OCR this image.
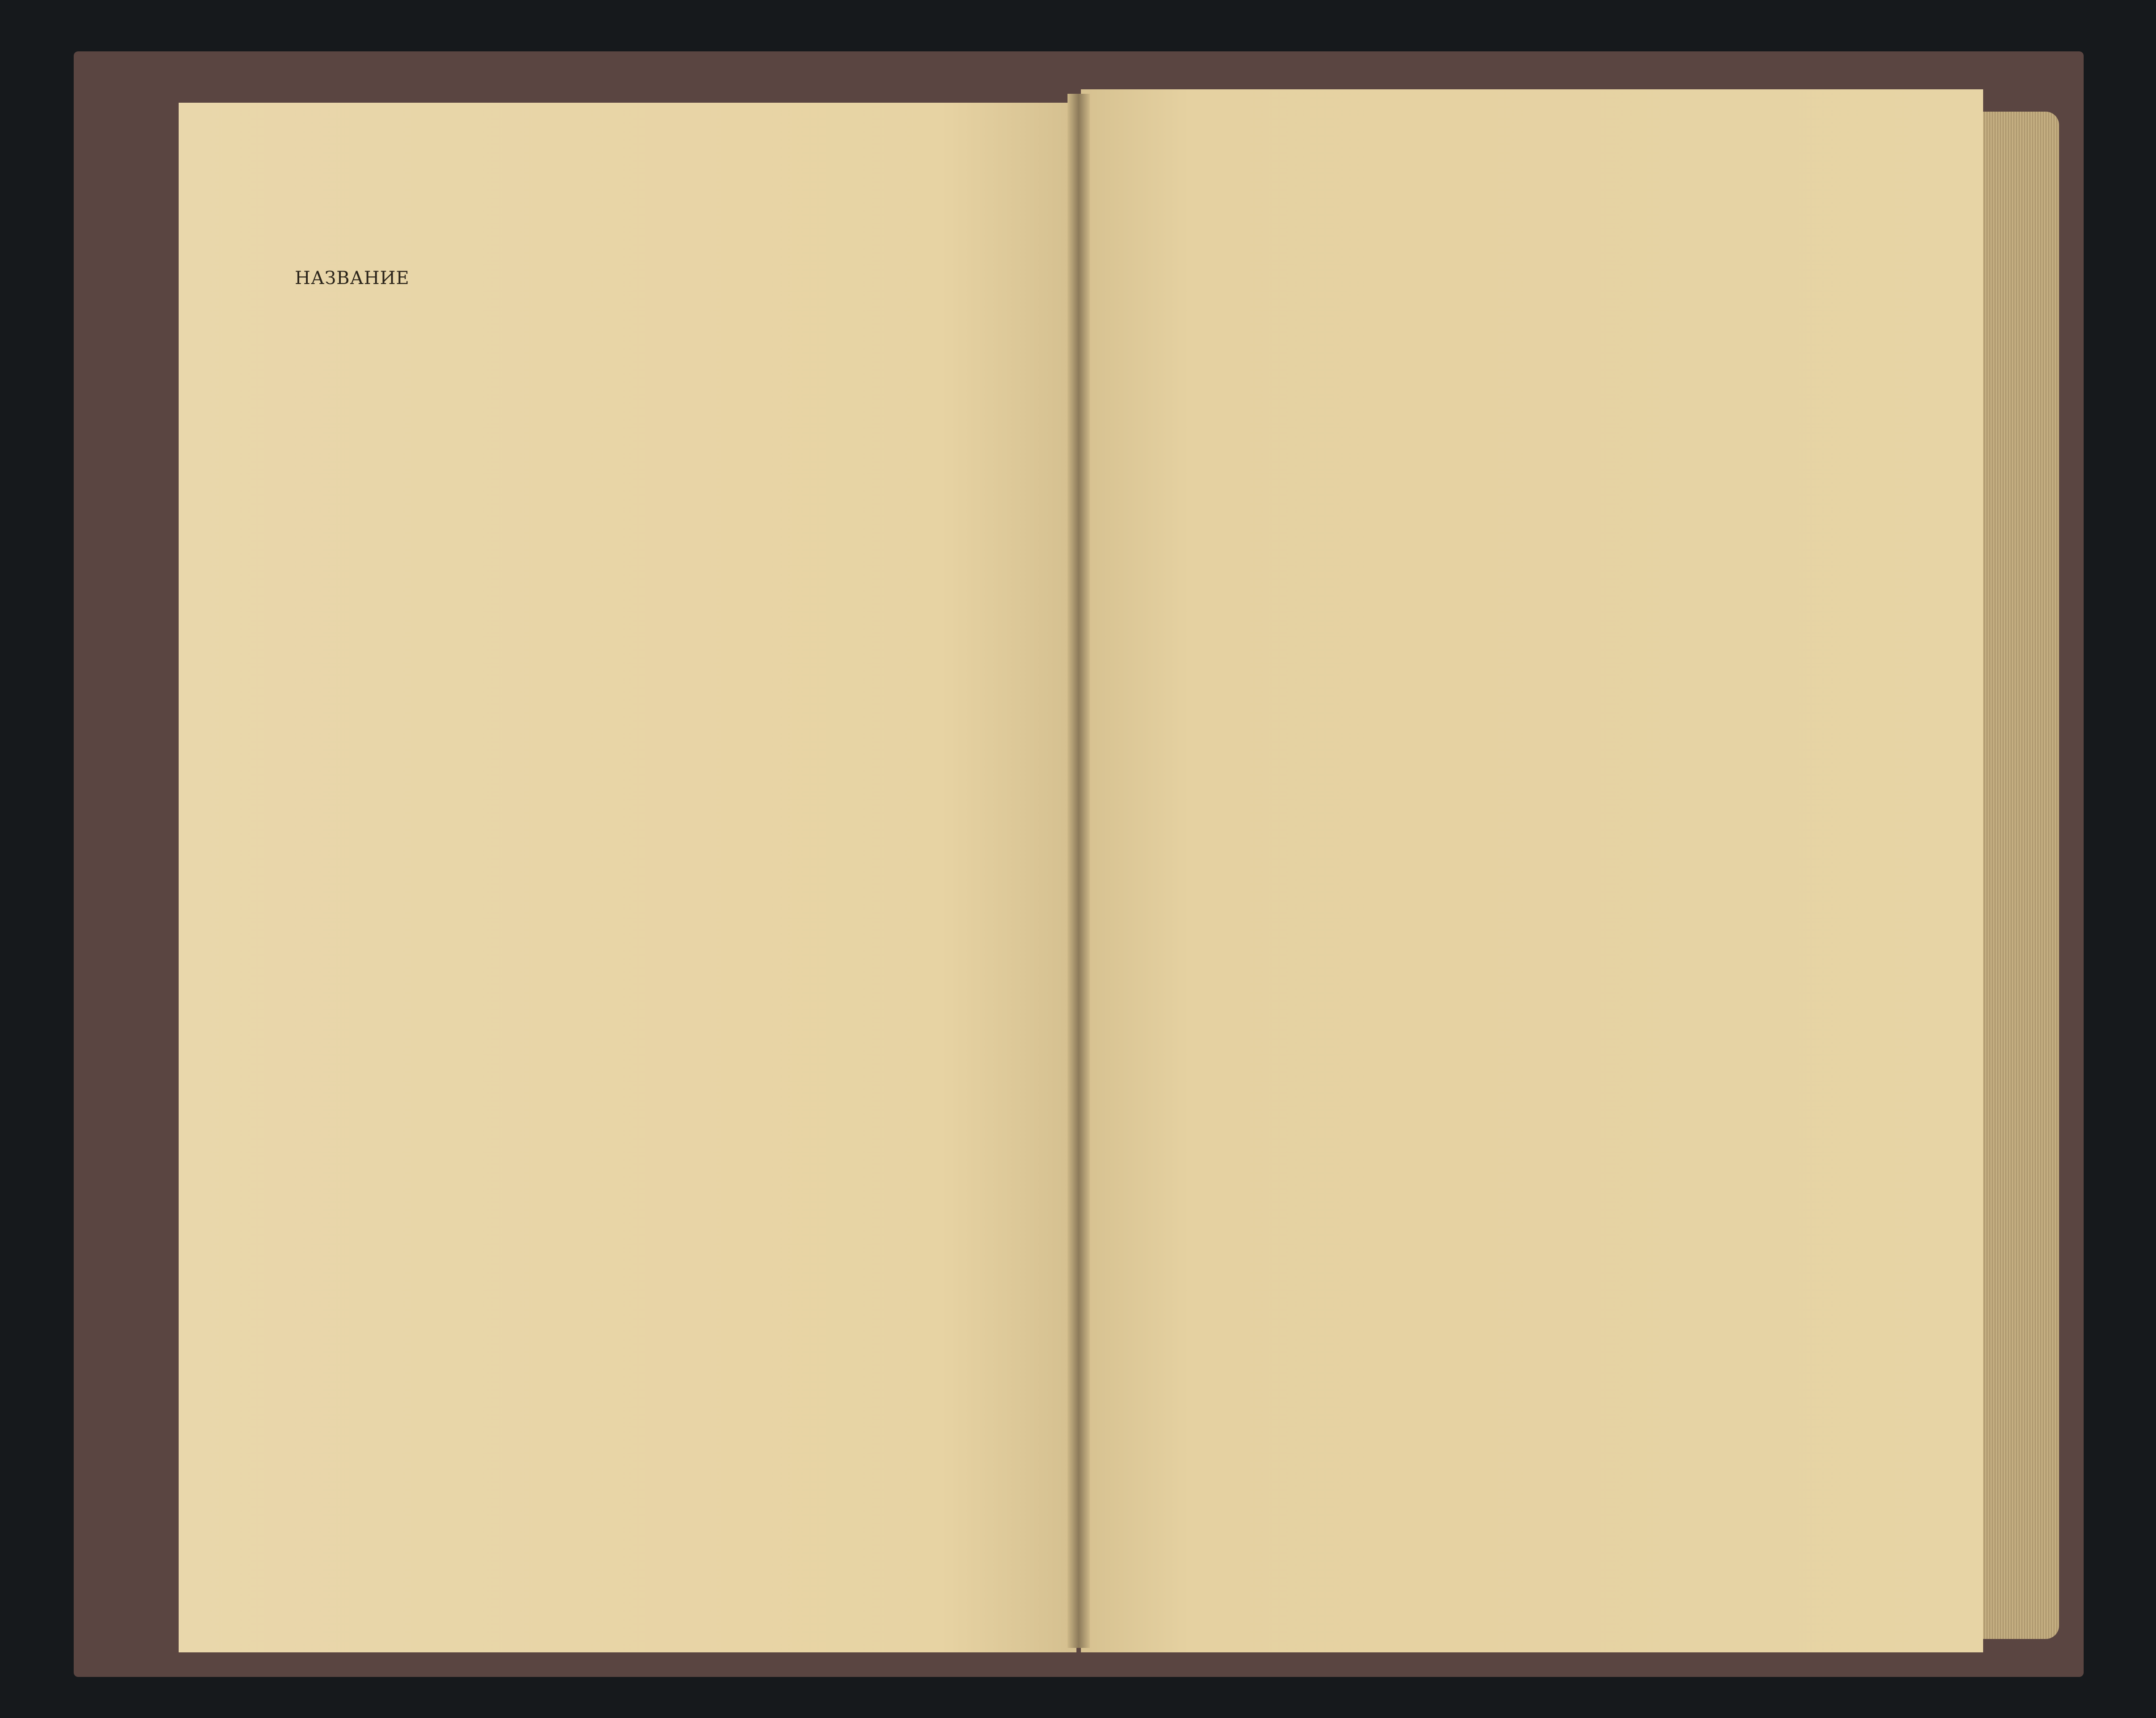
НАЗВАНИЕ
